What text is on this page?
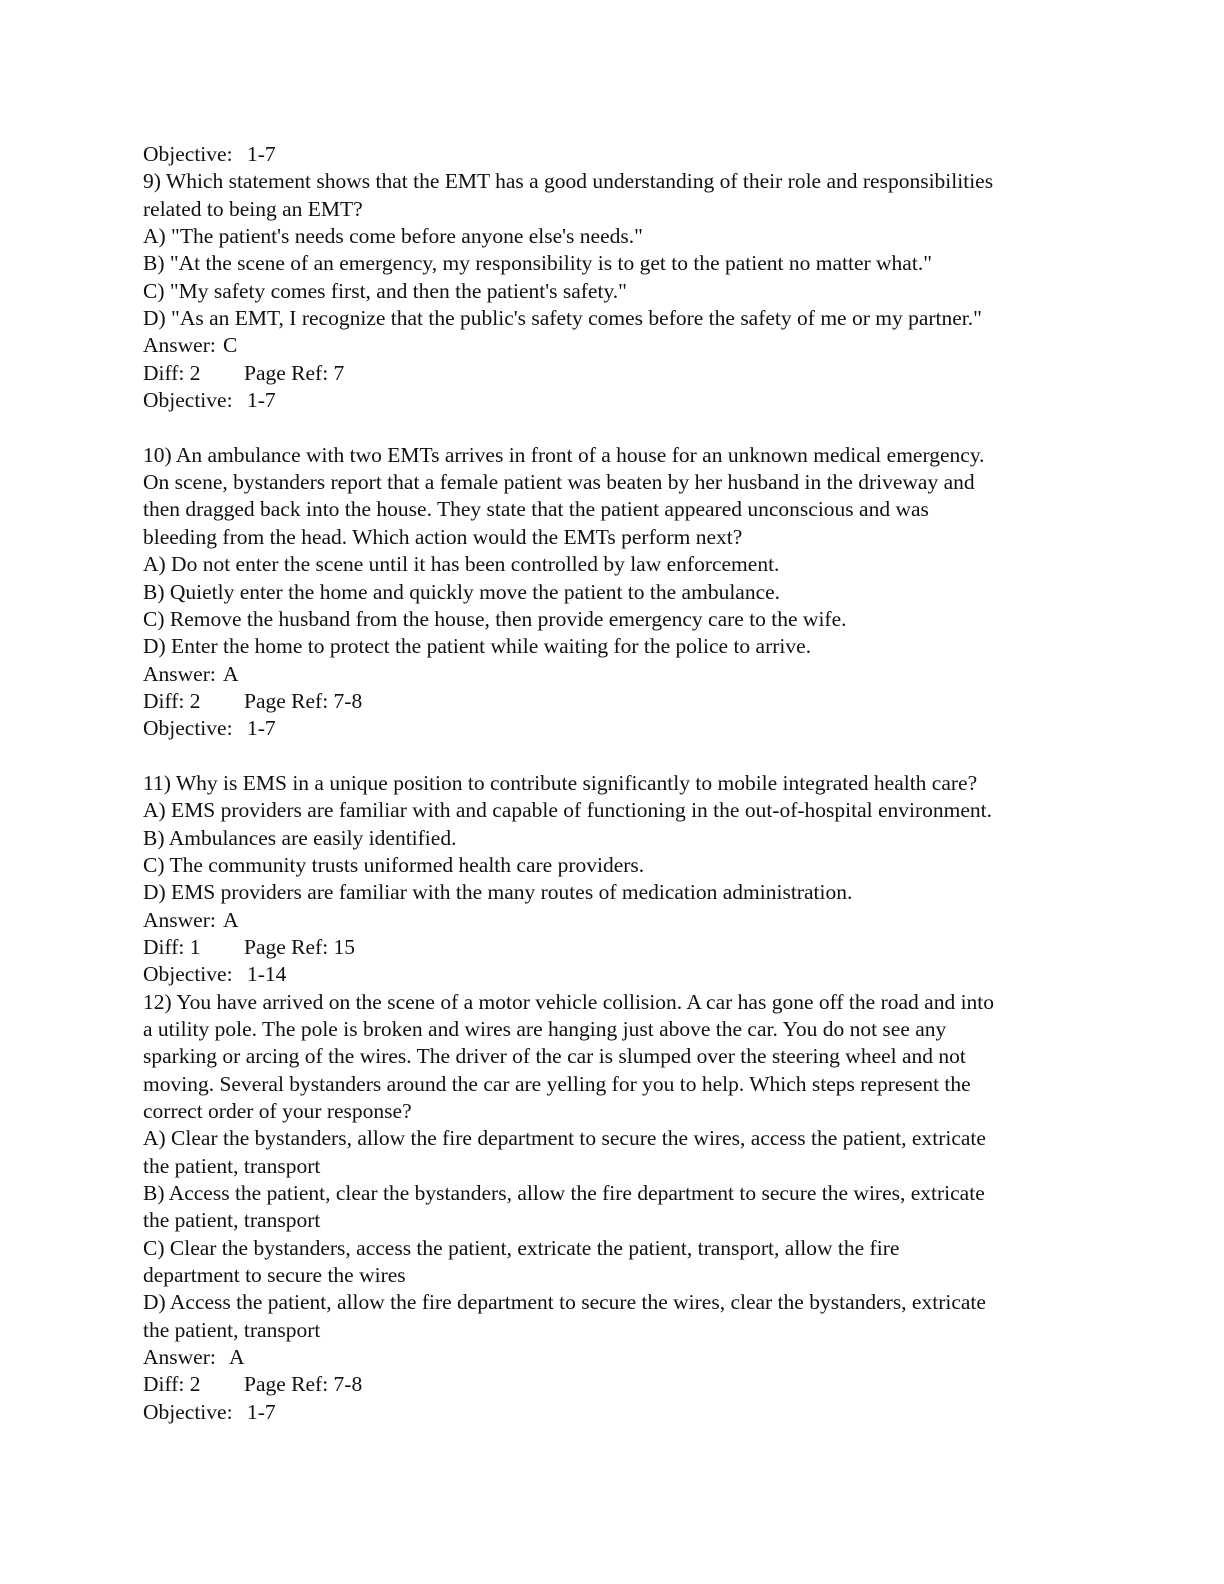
Objective: 1-7

9) Which statement shows that the EMT has a good understanding of their role and responsibilities

related to being an EMT?

A) "The patient's needs come before anyone else's needs."

B) "At the scene of an emergency, my responsibility is to get to the patient no matter what."

C) "My safety comes first, and then the patient's safety."

D) "As an EMT, I recognize that the public's safety comes before the safety of me or my partner."

Answer: C

Diff: 2 Page Ref: 7

Objective: 1-7

10) An ambulance with two EMTs arrives in front of a house for an unknown medical emergency.

On scene, bystanders report that a female patient was beaten by her husband in the driveway and

then dragged back into the house. They state that the patient appeared unconscious and was

bleeding from the head. Which action would the EMTs perform next?

A) Do not enter the scene until it has been controlled by law enforcement.

B) Quietly enter the home and quickly move the patient to the ambulance.

C) Remove the husband from the house, then provide emergency care to the wife.

D) Enter the home to protect the patient while waiting for the police to arrive.

Answer: A

Diff: 2 Page Ref: 7-8

Objective: 1-7

11) Why is EMS in a unique position to contribute significantly to mobile integrated health care?

A) EMS providers are familiar with and capable of functioning in the out-of-hospital environment.

B) Ambulances are easily identified.

C) The community trusts uniformed health care providers.

D) EMS providers are familiar with the many routes of medication administration.

Answer: A

Diff: 1 Page Ref: 15

Objective: 1-14

12) You have arrived on the scene of a motor vehicle collision. A car has gone off the road and into

a utility pole. The pole is broken and wires are hanging just above the car. You do not see any

sparking or arcing of the wires. The driver of the car is slumped over the steering wheel and not

moving. Several bystanders around the car are yelling for you to help. Which steps represent the

correct order of your response?

A) Clear the bystanders, allow the fire department to secure the wires, access the patient, extricate

the patient, transport

B) Access the patient, clear the bystanders, allow the fire department to secure the wires, extricate

the patient, transport

C) Clear the bystanders, access the patient, extricate the patient, transport, allow the fire

department to secure the wires

D) Access the patient, allow the fire department to secure the wires, clear the bystanders, extricate

the patient, transport

Answer: A

Diff: 2 Page Ref: 7-8

Objective: 1-7
